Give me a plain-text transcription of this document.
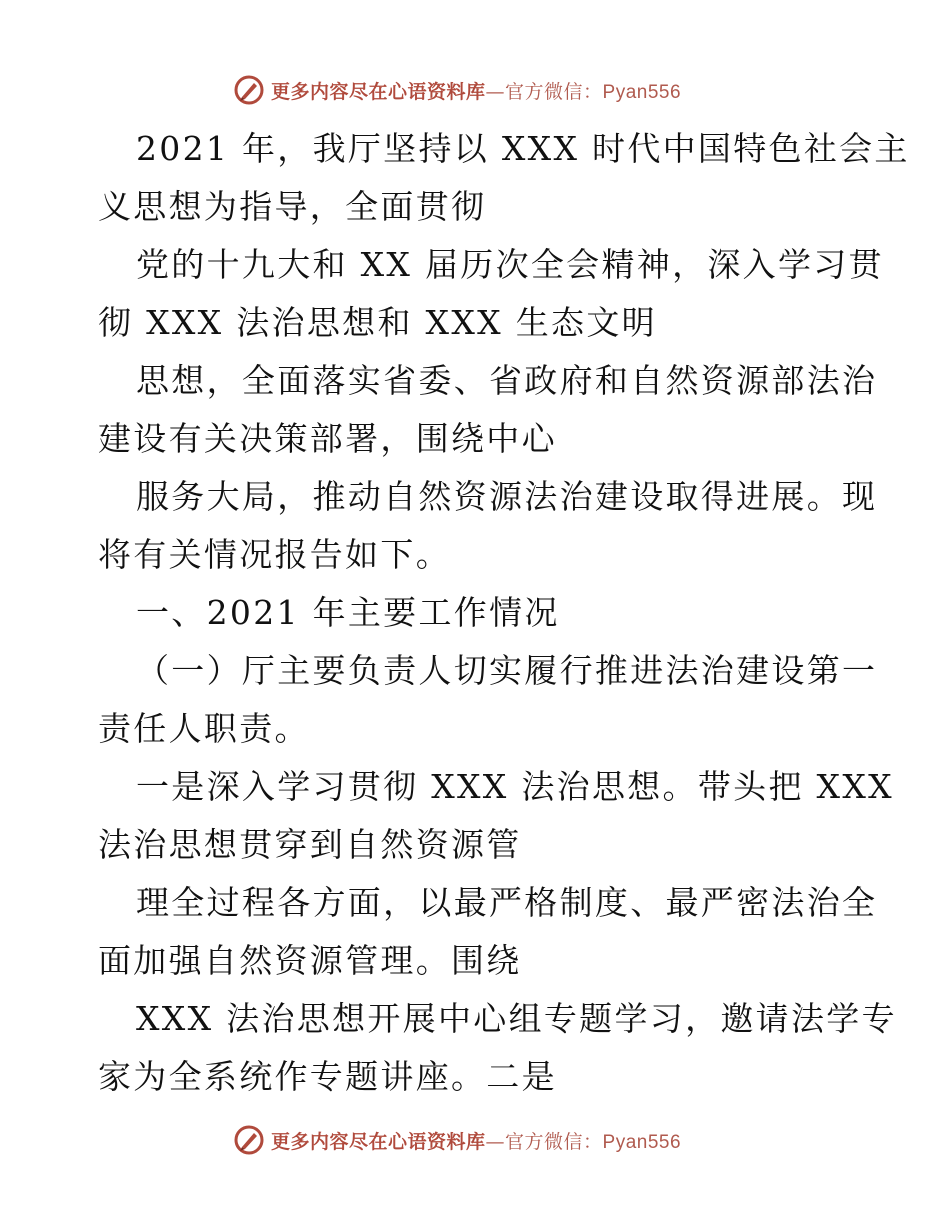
更多内容尽在心语资料库—官方微信：Pyan556
2021 年，我厅坚持以 XXX 时代中国特色社会主
义思想为指导，全面贯彻
党的十九大和 XX 届历次全会精神，深入学习贯
彻 XXX 法治思想和 XXX 生态文明
思想，全面落实省委、省政府和自然资源部法治
建设有关决策部署，围绕中心
服务大局，推动自然资源法治建设取得进展。现
将有关情况报告如下。
一、2021 年主要工作情况
（一）厅主要负责人切实履行推进法治建设第一
责任人职责。
一是深入学习贯彻 XXX 法治思想。带头把 XXX
法治思想贯穿到自然资源管
理全过程各方面，以最严格制度、最严密法治全
面加强自然资源管理。围绕
XXX 法治思想开展中心组专题学习，邀请法学专
家为全系统作专题讲座。二是
更多内容尽在心语资料库—官方微信：Pyan556
